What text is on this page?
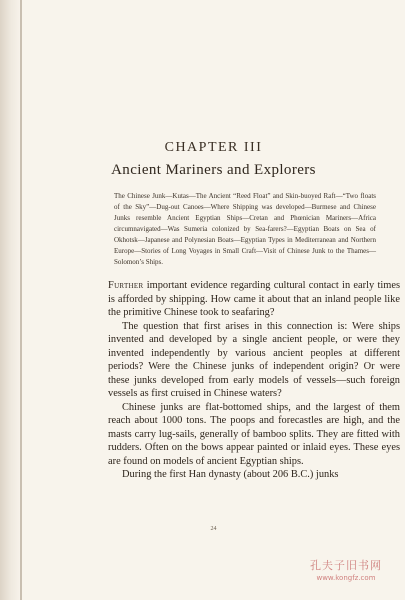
CHAPTER III
Ancient Mariners and Explorers
The Chinese Junk—Kutas—The Ancient “Reed Float” and Skin-buoyed Raft—“Two floats of the Sky”—Dug-out Canoes—Where Shipping was developed—Burmese and Chinese Junks resemble Ancient Egyptian Ships—Cretan and Phœnician Mariners—Africa circumnavigated—Was Sumeria colonized by Sea-farers?—Egyptian Boats on Sea of Okhotsk—Japanese and Polynesian Boats—Egyptian Types in Mediterranean and Northern Europe—Stories of Long Voyages in Small Craft—Visit of Chinese Junk to the Thames—Solomon’s Ships.

Further important evidence regarding cultural contact in early times is afforded by shipping. How came it about that an inland people like the primitive Chinese took to seafaring?

The question that first arises in this connection is: Were ships invented and developed by a single ancient people, or were they invented independently by various ancient peoples at different periods? Were the Chinese junks of independent origin? Or were these junks developed from early models of vessels—such foreign vessels as first cruised in Chinese waters?

Chinese junks are flat-bottomed ships, and the largest of them reach about 1000 tons. The poops and forecastles are high, and the masts carry lug-sails, generally of bamboo splits. They are fitted with rudders. Often on the bows appear painted or inlaid eyes. These eyes are found on models of ancient Egyptian ships.

During the first Han dynasty (about 206 B.C.) junks

24
孔夫子旧书网
www.kongfz.com
